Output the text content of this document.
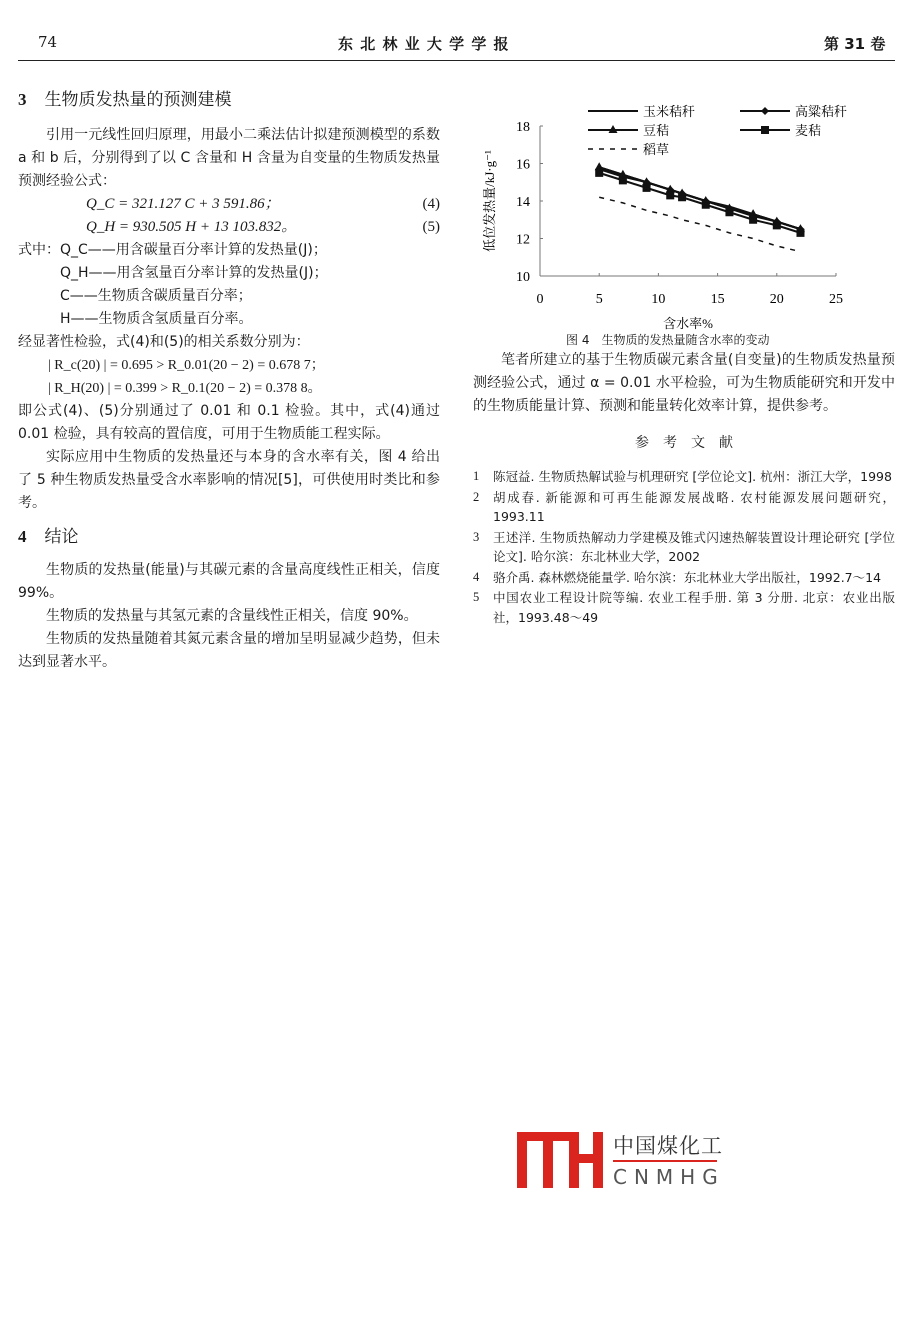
74	东 北 林 业 大 学 学 报	第 31 卷
3 生物质发热量的预测建模

引用一元线性回归原理，用最小二乘法估计拟建预测模型的系数 a 和 b 后，分别得到了以 C 含量和 H 含量为自变量的生物质发热量预测经验公式：

Q_C = 321.127 C + 3 591.86；	(4)
Q_H = 930.505 H + 13 103.832。	(5)

式中：Q_C——用含碳量百分率计算的发热量(J)；

Q_H——用含氢量百分率计算的发热量(J)；

C——生物质含碳质量百分率；

H——生物质含氢质量百分率。

经显著性检验，式(4)和(5)的相关系数分别为：

| R_c(20) | = 0.695 > R_0.01(20 − 2) = 0.678 7；

| R_H(20) | = 0.399 > R_0.1(20 − 2) = 0.378 8。

即公式(4)、(5)分别通过了 0.01 和 0.1 检验。其中，式(4)通过 0.01 检验，具有较高的置信度，可用于生物质能工程实际。

实际应用中生物质的发热量还与本身的含水率有关，图 4 给出了 5 种生物质发热量受含水率影响的情况[5]，可供使用时类比和参考。

4 结论

生物质的发热量(能量)与其碳元素的含量高度线性正相关，信度 99%。

生物质的发热量与其氢元素的含量线性正相关，信度 90%。

生物质的发热量随着其氮元素含量的增加呈明显减少趋势，但未达到显著水平。

0	5	10	15	20	25
10
12
14
16
18
含水率%
低位发热量/kJ·g⁻¹
玉米秸秆	高粱秸秆
豆秸	麦秸
稻草
图 4　生物质的发热量随含水率的变动

笔者所建立的基于生物质碳元素含量(自变量)的生物质发热量预测经验公式，通过 α = 0.01 水平检验，可为生物质能研究和开发中的生物质能量计算、预测和能量转化效率计算，提供参考。

参　考　文　献
1 陈冠益. 生物质热解试验与机理研究 [学位论文]. 杭州：浙江大学，1998
2 胡成春. 新能源和可再生能源发展战略. 农村能源发展问题研究，1993.11
3 王述洋. 生物质热解动力学建模及锥式闪速热解装置设计理论研究 [学位论文]. 哈尔滨：东北林业大学，2002
4 骆介禹. 森林燃烧能量学. 哈尔滨：东北林业大学出版社，1992.7～14
5 中国农业工程设计院等编. 农业工程手册. 第 3 分册. 北京：农业出版社，1993.48～49
中国煤化工
CNMHG
